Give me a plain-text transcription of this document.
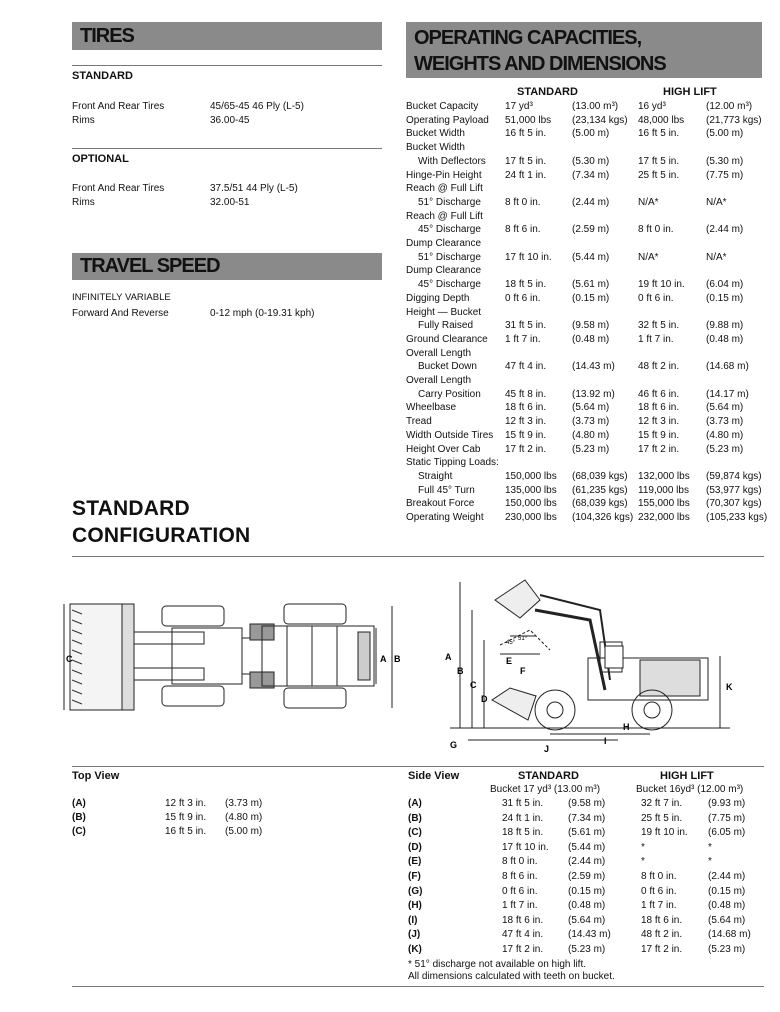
TIRES
STANDARD
Front And Rear Tires	45/65-45 46 Ply (L-5)
Rims	36.00-45
OPTIONAL
Front And Rear Tires	37.5/51 44 Ply (L-5)
Rims	32.00-51
TRAVEL SPEED
INFINITELY VARIABLE
Forward And Reverse	0-12 mph (0-19.31 kph)
OPERATING CAPACITIES,
WEIGHTS AND DIMENSIONS
STANDARD	HIGH LIFT
Bucket Capacity	17 yd³	(13.00 m³) 16 yd³	(12.00 m³)
Operating Payload 51,000 lbs (23,134 kgs) 48,000 lbs (21,773 kgs)
Bucket Width	16 ft 5 in.	(5.00 m)	16 ft 5 in.	(5.00 m)
Bucket Width
With Deflectors 17 ft 5 in.	(5.30 m)	17 ft 5 in.	(5.30 m)
Hinge-Pin Height 24 ft 1 in.	(7.34 m)	25 ft 5 in.	(7.75 m)
Reach @ Full Lift
51° Discharge 8 ft 0 in.	(2.44 m)	N/A*	N/A*
Reach @ Full Lift
45° Discharge 8 ft 6 in.	(2.59 m)	8 ft 0 in.	(2.44 m)
Dump Clearance
51° Discharge 17 ft 10 in. (5.44 m)	N/A*	N/A*
Dump Clearance
45° Discharge 18 ft 5 in.	(5.61 m)	19 ft 10 in. (6.04 m)
Digging Depth	0 ft 6 in.	(0.15 m)	0 ft 6 in.	(0.15 m)
Height — Bucket
Fully Raised	31 ft 5 in.	(9.58 m)	32 ft 5 in.	(9.88 m)
Ground Clearance 1 ft 7 in.	(0.48 m)	1 ft 7 in.	(0.48 m)
Overall Length
Bucket Down	47 ft 4 in.	(14.43 m) 48 ft 2 in.	(14.68 m)
Overall Length
Carry Position 45 ft 8 in.	(13.92 m) 46 ft 6 in.	(14.17 m)
Wheelbase	18 ft 6 in.	(5.64 m)	18 ft 6 in.	(5.64 m)
Tread	12 ft 3 in.	(3.73 m)	12 ft 3 in.	(3.73 m)
Width Outside Tires 15 ft 9 in.	(4.80 m)	15 ft 9 in.	(4.80 m)
Height Over Cab 17 ft 2 in.	(5.23 m)	17 ft 2 in.	(5.23 m)
Static Tipping Loads:
Straight	150,000 lbs (68,039 kgs) 132,000 lbs (59,874 kgs)
Full 45° Turn	135,000 lbs (61,235 kgs) 119,000 lbs (53,977 kgs)
Breakout Force	150,000 lbs (68,039 kgs) 155,000 lbs (70,307 kgs)
Operating Weight 230,000 lbs (104,326 kgs) 232,000 lbs (105,233 kgs)
STANDARD
CONFIGURATION
C	A B
45°
51°
A
B
C
D
E
F
G
H
I
J
K
Top View
(A)	12 ft 3 in. (3.73 m)
(B)	15 ft 9 in. (4.80 m)
(C)	16 ft 5 in. (5.00 m)
Side View	STANDARD	HIGH LIFT
Bucket 17 yd³ (13.00 m³)	Bucket 16yd³ (12.00 m³)
(A)	31 ft 5 in. (9.58 m)	32 ft 7 in.	(9.93 m)
(B)	24 ft 1 in. (7.34 m)	25 ft 5 in.	(7.75 m)
(C)	18 ft 5 in. (5.61 m)	19 ft 10 in. (6.05 m)
(D)	17 ft 10 in. (5.44 m)	*	*
(E)	8 ft 0 in.	(2.44 m)	*	*
(F)	8 ft 6 in.	(2.59 m)	8 ft 0 in.	(2.44 m)
(G)	0 ft 6 in.	(0.15 m)	0 ft 6 in.	(0.15 m)
(H)	1 ft 7 in.	(0.48 m)	1 ft 7 in.	(0.48 m)
(I)	18 ft 6 in. (5.64 m)	18 ft 6 in.	(5.64 m)
(J)	47 ft 4 in. (14.43 m)	48 ft 2 in.	(14.68 m)
(K)	17 ft 2 in. (5.23 m)	17 ft 2 in.	(5.23 m)
* 51° discharge not available on high lift.
All dimensions calculated with teeth on bucket.
